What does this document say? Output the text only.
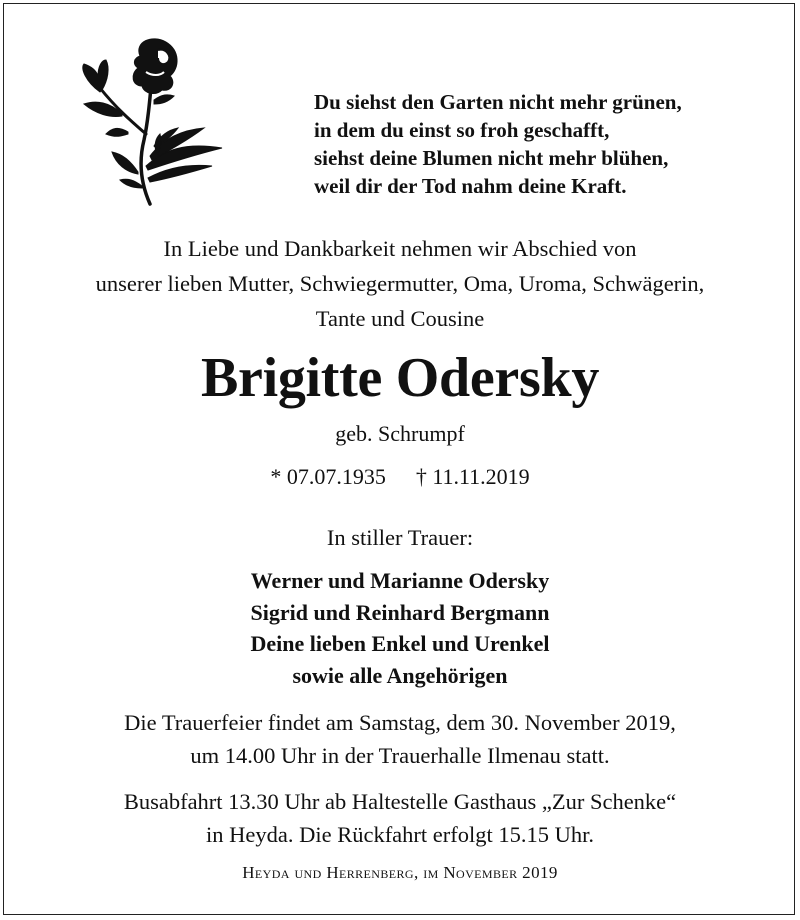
Du siehst den Garten nicht mehr grünen,
in dem du einst so froh geschafft,
siehst deine Blumen nicht mehr blühen,
weil dir der Tod nahm deine Kraft.
In Liebe und Dankbarkeit nehmen wir Abschied von
unserer lieben Mutter, Schwiegermutter, Oma, Uroma, Schwägerin,
Tante und Cousine
Brigitte Odersky
geb. Schrumpf
* 07.07.1935 † 11.11.2019
In stiller Trauer:
Werner und Marianne Odersky
Sigrid und Reinhard Bergmann
Deine lieben Enkel und Urenkel
sowie alle Angehörigen
Die Trauerfeier findet am Samstag, dem 30. November 2019,
um 14.00 Uhr in der Trauerhalle Ilmenau statt.
Busabfahrt 13.30 Uhr ab Haltestelle Gasthaus „Zur Schenke“
in Heyda. Die Rückfahrt erfolgt 15.15 Uhr.
Heyda und Herrenberg, im November 2019
